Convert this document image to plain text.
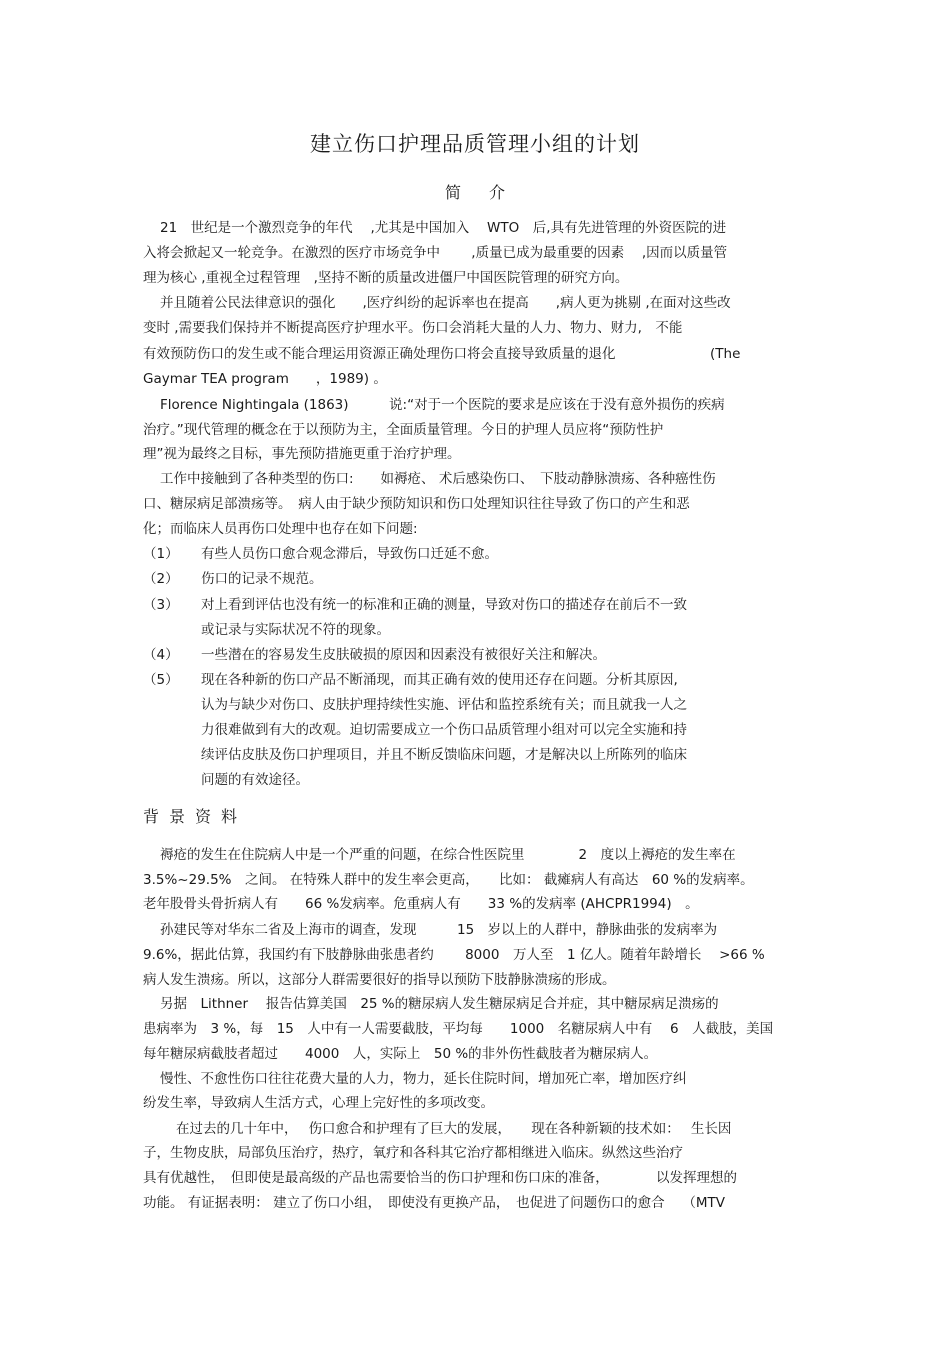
建立伤口护理品质管理小组的计划
简 介
21　世纪是一个激烈竞争的年代　 ,尤其是中国加入　 WTO　后,具有先进管理的外资医院的进
入将会掀起又一轮竞争。在激烈的医疗市场竞争中　　 ,质量已成为最重要的因素　 ,因而以质量管
理为核心 ,重视全过程管理　,坚持不断的质量改进僵尸中国医院管理的研究方向。
并且随着公民法律意识的强化　　,医疗纠纷的起诉率也在提高　　,病人更为挑剔 ,在面对这些改
变时 ,需要我们保持并不断提高医疗护理水平。伤口会消耗大量的人力、物力、财力,　不能
有效预防伤口的发生或不能合理运用资源正确处理伤口将会直接导致质量的退化　　　　　　　(The
Gaymar TEA program　　，1989) 。
Florence Nightingala (1863)　　　说:“对于一个医院的要求是应该在于没有意外损伤的疾病
治疗。”现代管理的概念在于以预防为主，全面质量管理。今日的护理人员应将“预防性护
理”视为最终之目标，事先预防措施更重于治疗护理。
工作中接触到了各种类型的伤口:　　如褥疮、 术后感染伤口、　下肢动静脉溃疡、各种癌性伤
口、糖尿病足部溃疡等。　病人由于缺少预防知识和伤口处理知识往往导致了伤口的产生和恶
化；而临床人员再伤口处理中也存在如下问题:
（1） 有些人员伤口愈合观念滞后，导致伤口迁延不愈。
（2） 伤口的记录不规范。
（3） 对上看到评估也没有统一的标准和正确的测量，导致对伤口的描述存在前后不一致
或记录与实际状况不符的现象。
（4） 一些潜在的容易发生皮肤破损的原因和因素没有被很好关注和解决。
（5） 现在各种新的伤口产品不断涌现，而其正确有效的使用还存在问题。分析其原因,
认为与缺少对伤口、皮肤护理持续性实施、评估和监控系统有关；而且就我一人之
力很难做到有大的改观。迫切需要成立一个伤口品质管理小组对可以完全实施和持
续评估皮肤及伤口护理项目，并且不断反馈临床问题，才是解决以上所陈列的临床
问题的有效途径。
背 景 资 料
褥疮的发生在住院病人中是一个严重的问题，在综合性医院里　　　　2　度以上褥疮的发生率在
3.5%~29.5%　之间。 在特殊人群中的发生率会更高，　　比如： 截瘫病人有高达　60 %的发病率。
老年股骨头骨折病人有　　66 %发病率。危重病人有　　33 %的发病率 (AHCPR1994)　。
孙建民等对华东二省及上海市的调查，发现　　　15　岁以上的人群中，静脉曲张的发病率为
9.6%，据此估算，我国约有下肢静脉曲张患者约　　 8000　万人至　1 亿人。随着年龄增长　 >66 %
病人发生溃疡。所以，这部分人群需要很好的指导以预防下肢静脉溃疡的形成。
另据　Lithner　 报告估算美国　25 %的糖尿病人发生糖尿病足合并症，其中糖尿病足溃疡的
患病率为　3 %，每　15　人中有一人需要截肢，平均每　　1000　名糖尿病人中有　 6　人截肢，美国
每年糖尿病截肢者超过　　4000　人，实际上　50 %的非外伤性截肢者为糖尿病人。
慢性、不愈性伤口往往花费大量的人力，物力，延长住院时间，增加死亡率，增加医疗纠
纷发生率，导致病人生活方式，心理上完好性的多项改变。
在过去的几十年中，　 伤口愈合和护理有了巨大的发展，　　现在各种新颖的技术如：　 生长因
子，生物皮肤，局部负压治疗，热疗，氧疗和各科其它治疗都相继进入临床。纵然这些治疗
具有优越性，　但即使是最高级的产品也需要恰当的伤口护理和伤口床的准备，　　　　以发挥理想的
功能。 有证据表明： 建立了伤口小组，　即使没有更换产品，　也促进了问题伤口的愈合　 （MTV
